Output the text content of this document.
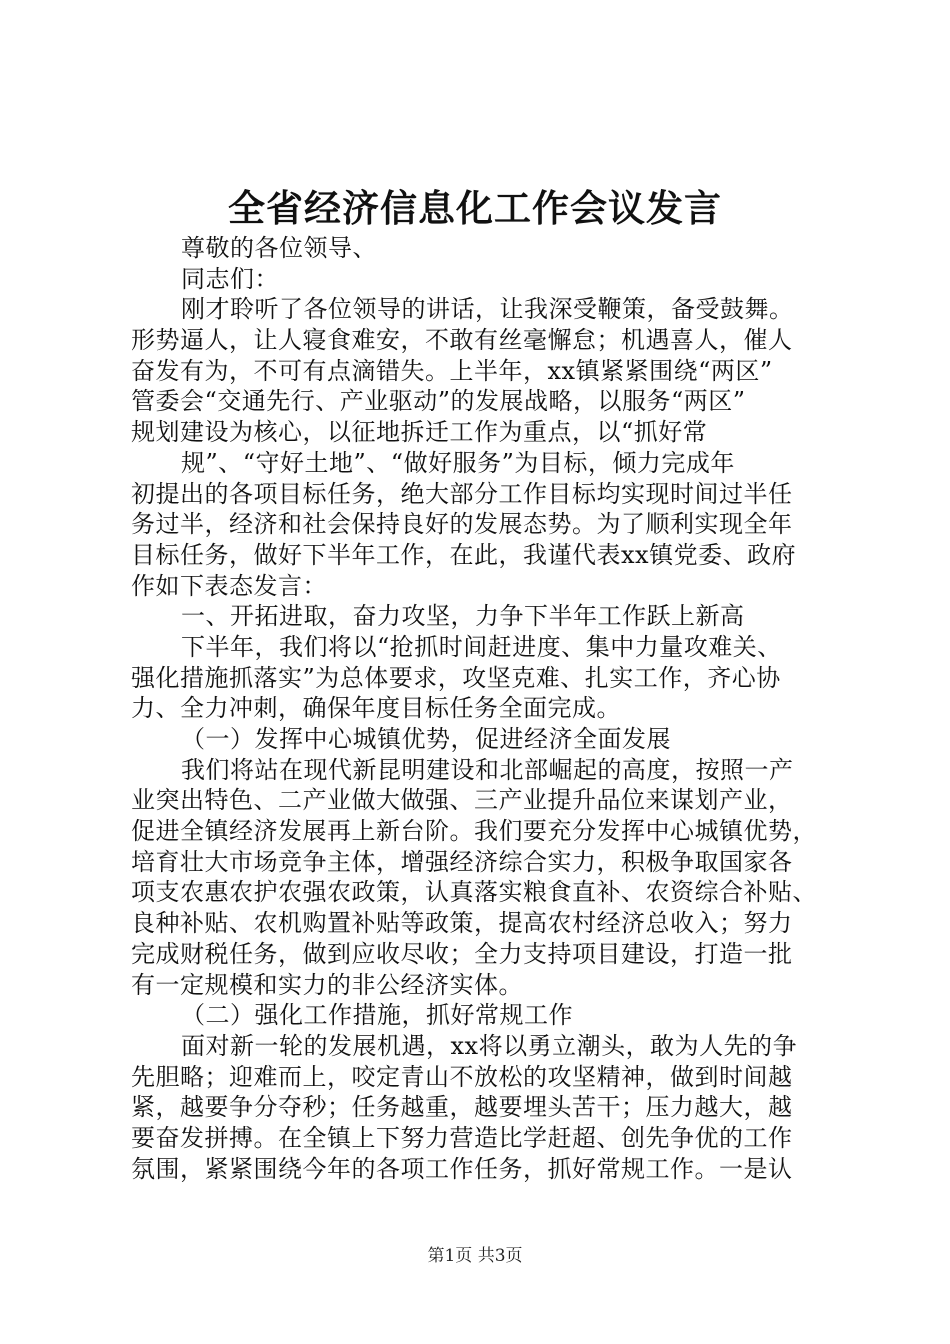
全省经济信息化工作会议发言
尊敬的各位领导、
同志们：
刚才聆听了各位领导的讲话，让我深受鞭策，备受鼓舞。
形势逼人，让人寝食难安，不敢有丝毫懈怠；机遇喜人，催人
奋发有为，不可有点滴错失。上半年，xx镇紧紧围绕“两区”
管委会“交通先行、产业驱动”的发展战略，以服务“两区”
规划建设为核心，以征地拆迁工作为重点，以“抓好常
规”、“守好土地”、“做好服务”为目标，倾力完成年
初提出的各项目标任务，绝大部分工作目标均实现时间过半任
务过半，经济和社会保持良好的发展态势。为了顺利实现全年
目标任务，做好下半年工作，在此，我谨代表xx镇党委、政府
作如下表态发言：
一、开拓进取，奋力攻坚，力争下半年工作跃上新高
下半年，我们将以“抢抓时间赶进度、集中力量攻难关、
强化措施抓落实”为总体要求，攻坚克难、扎实工作，齐心协
力、全力冲刺，确保年度目标任务全面完成。
（一）发挥中心城镇优势，促进经济全面发展
我们将站在现代新昆明建设和北部崛起的高度，按照一产
业突出特色、二产业做大做强、三产业提升品位来谋划产业，
促进全镇经济发展再上新台阶。我们要充分发挥中心城镇优势，
培育壮大市场竞争主体，增强经济综合实力，积极争取国家各
项支农惠农护农强农政策，认真落实粮食直补、农资综合补贴、
良种补贴、农机购置补贴等政策，提高农村经济总收入；努力
完成财税任务，做到应收尽收；全力支持项目建设，打造一批
有一定规模和实力的非公经济实体。
（二）强化工作措施，抓好常规工作
面对新一轮的发展机遇，xx将以勇立潮头，敢为人先的争
先胆略；迎难而上，咬定青山不放松的攻坚精神，做到时间越
紧，越要争分夺秒；任务越重，越要埋头苦干；压力越大，越
要奋发拼搏。在全镇上下努力营造比学赶超、创先争优的工作
氛围，紧紧围绕今年的各项工作任务，抓好常规工作。一是认
第1页 共3页
